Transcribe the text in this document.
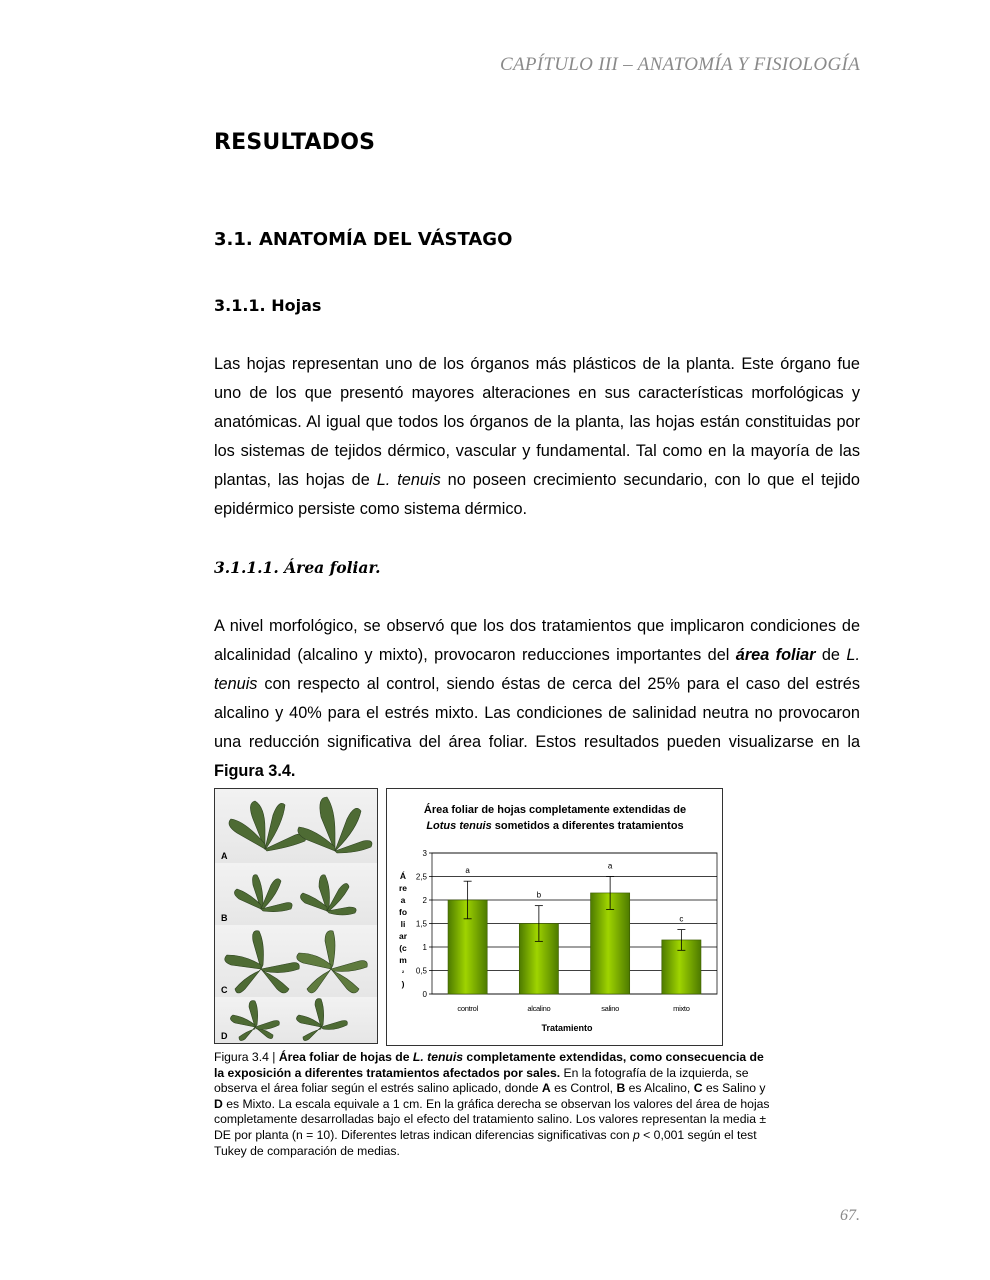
CAPÍTULO III – ANATOMÍA Y FISIOLOGÍA
RESULTADOS
3.1. ANATOMÍA DEL VÁSTAGO
3.1.1. Hojas

Las hojas representan uno de los órganos más plásticos de la planta. Este órgano fue uno de los que presentó mayores alteraciones en sus características morfológicas y anatómicas. Al igual que todos los órganos de la planta, las hojas están constituidas por los sistemas de tejidos dérmico, vascular y fundamental. Tal como en la mayoría de las plantas, las hojas de L. tenuis no poseen crecimiento secundario, con lo que el tejido epidérmico persiste como sistema dérmico.

3.1.1.1. Área foliar.

A nivel morfológico, se observó que los dos tratamientos que implicaron condiciones de alcalinidad (alcalino y mixto), provocaron reducciones importantes del área foliar de L. tenuis con respecto al control, siendo éstas de cerca del 25% para el caso del estrés alcalino y 40% para el estrés mixto. Las condiciones de salinidad neutra no provocaron una reducción significativa del área foliar. Estos resultados pueden visualizarse en la Figura 3.4.

A
B
C
D
Área foliar de hojas completamente extendidas de
Lotus tenuis sometidos a diferentes tratamientos
0
0,5
1
1,5
2
2,5
3
Á
re
a
fo
li
ar
(c
m
²
)
a
control
b
alcalino
a
salino
c
mixto
Tratamiento
Figura 3.4 | Área foliar de hojas de L. tenuis completamente extendidas, como consecuencia de la exposición a diferentes tratamientos afectados por sales. En la fotografía de la izquierda, se observa el área foliar según el estrés salino aplicado, donde A es Control, B es Alcalino, C es Salino y D es Mixto. La escala equivale a 1 cm. En la gráfica derecha se observan los valores del área de hojas completamente desarrolladas bajo el efecto del tratamiento salino. Los valores representan la media ± DE por planta (n = 10). Diferentes letras indican diferencias significativas con p < 0,001 según el test Tukey de comparación de medias.
67.
